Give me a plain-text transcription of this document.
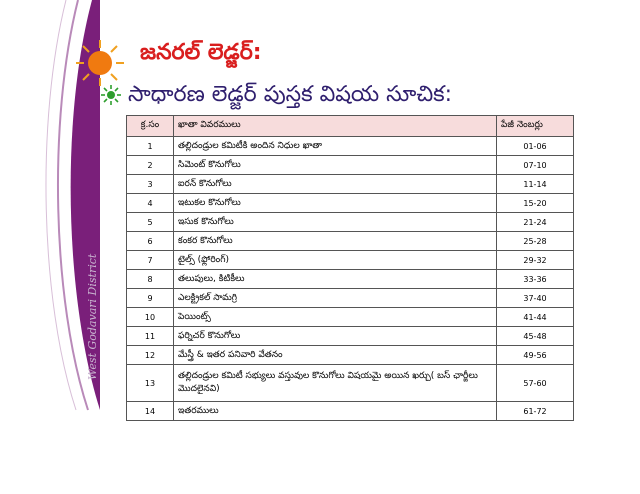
జనరల్ లెడ్జర్:
సాధారణ లెడ్జర్ పుస్తక విషయ సూచిక:
West Godavari District
క్ర.సం	ఖాతా వివరములు	పేజీ నెంబర్లు
1	తల్లిదండ్రుల కమిటీకి అందిన నిధుల ఖాతా	01-06
2	సిమెంట్ కొనుగోలు	07-10
3	ఐరన్ కొనుగోలు	11-14
4	ఇటుకల కొనుగోలు	15-20
5	ఇసుక కొనుగోలు	21-24
6	కంకర కొనుగోలు	25-28
7	టైల్స్ (ఫ్లోరింగ్)	29-32
8	తలుపులు, కిటికీలు	33-36
9	ఎలక్ట్రికల్ సామగ్రి	37-40
10	పెయింట్స్	41-44
11	ఫర్నిచర్ కొనుగోలు	45-48
12	మేస్త్రీ & ఇతర పనివారి వేతనం	49-56
13	తల్లిదండ్రుల కమిటీ సభ్యులు వస్తువుల కొనుగోలు విషయమై అయిన ఖర్చు( బస్ ఛార్జీలు మొదలైనవి)	57-60
14	ఇతరములు	61-72
